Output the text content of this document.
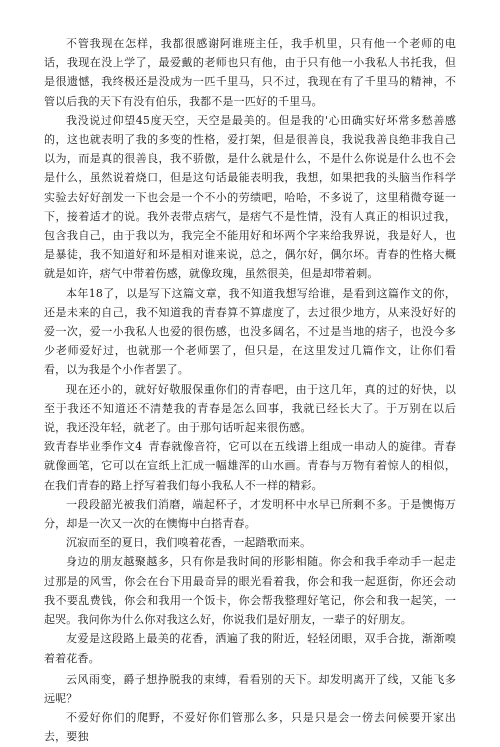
不管我现在怎样，我都很感谢阿谁班主任，我手机里，只有他一个老师的电话，我现在没上学了，最爱戴的老师也只有他，由于只有他一小我私人书托我，但是很遗憾，我终极还是没成为一匹千里马，只不过，我现在有了千里马的精神，不管以后我的天下有没有伯乐，我都不是一匹好的千里马。

我没说过仰望45度天空，天空是最美的。但是我的'心田确实好坏常多愁善感的，这也就表明了我的多变的性格，爱打架，但是很善良，我说我善良绝非我自己以为，而是真的很善良，我不骄傲，是什么就是什么，不是什么你说是什么也不会是什么，虽然说着烧口，但是这句话最能表明我，我想，如果把我的头脑当作科学实验去好好剖发一下也会是一个不小的劳绩吧，哈哈，不多说了，这里稍微夸诞一下，接着适才的说。我外表带点痞气，是痞气不是性情，没有人真正的相识过我，包含我自己，由于我以为，我完全不能用好和坏两个字来给我界说，我是好人，也是暴徒，我不知道好和坏是相对谁来说，总之，偶尔好，偶尔坏。青春的性格大概就是如许，痞气中带着伤感，就像玫瑰，虽然很美，但是却带着刺。

本年18了，以是写下这篇文章，我不知道我想写给谁，是看到这篇作文的你，还是未来的自己，我不知道我的青春算不算虚度了，去过很少地方，从来没好好的爱一次，爱一小我私人也爱的很伤感，也没多阔名，不过是当地的痞子，也没今多少老师爱好过，也就那一个老师罢了，但只是，在这里发过几篇作文，让你们看看，以为我是个小作者罢了。

现在还小的，就好好敬服保重你们的青春吧，由于这几年，真的过的好快，以至于我还不知道还不清楚我的青春是怎么回事，我就已经长大了。于万别在以后说，我还没年轻，就老了。由于那句话听起来很伤感。

致青春毕业季作文4 青春就像音符，它可以在五线谱上组成一串动人的旋律。青春就像画笔，它可以在宣纸上汇成一幅雄浑的山水画。青春与万物有着惊人的相似，在我们青春的路上抒写着我们每小我私人不一样的精彩。

一段段韶光被我们消磨，端起杯子，才发明杯中水早已所剩不多。于是懊悔万分，却是一次又一次的在懊悔中白搭青春。

沉寂而至的夏日，我们嗅着花香，一起踏歌而来。

身边的朋友越聚越多，只有你是我时间的形影相随。你会和我手牵动手一起走过那是的风雪，你会在台下用最奇异的眼光看着我，你会和我一起逛街，你还会动我不要乱费钱，你会和我用一个饭卡，你会帮我整理好笔记，你会和我一起笑，一起哭。我问你为什么你对我这么好，你说我们是好朋友，一辈子的好朋友。

友爱是这段路上最美的花香，洒遍了我的附近，轻轻闭眼，双手合拢，渐渐嗅着着花香。

云风雨变，爵子想挣脱我的束缚，看看别的天下。却发明离开了线，又能飞多远呢？

不爱好你们的爬野，不爱好你们管那么多，只是只是会一傍去问候要开家出去，要独
